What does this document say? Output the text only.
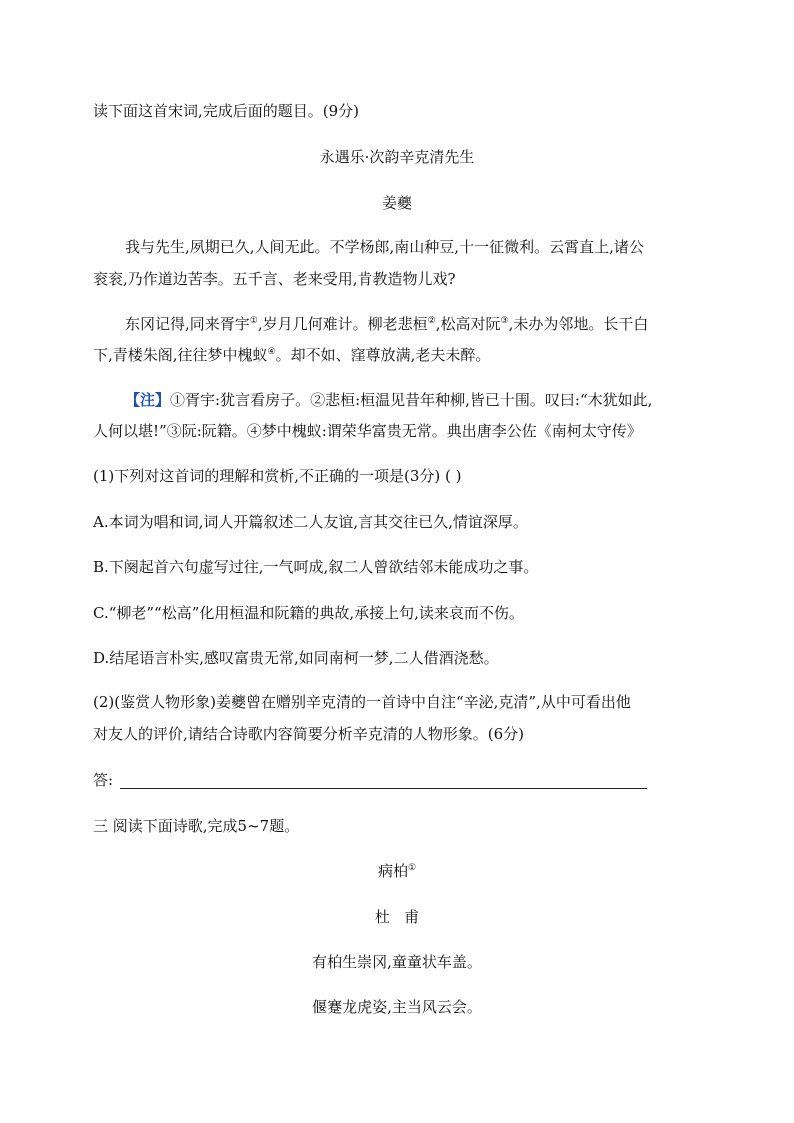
读下面这首宋词,完成后面的题目。(9分)
永遇乐·次韵辛克清先生
姜夔
我与先生,夙期已久,人间无此。不学杨郎,南山种豆,十一征微利。云霄直上,诸公
衮衮,乃作道边苦李。五千言、老来受用,肯教造物儿戏?
东冈记得,同来胥宇①,岁月几何难计。柳老悲桓②,松高对阮③,未办为邻地。长干白
下,青楼朱阁,往往梦中槐蚁④。却不如、窪尊放满,老夫未醉。
【注】①胥宇:犹言看房子。②悲桓:桓温见昔年种柳,皆已十围。叹曰:“木犹如此,
人何以堪!”③阮:阮籍。④梦中槐蚁:谓荣华富贵无常。典出唐李公佐《南柯太守传》
(1)下列对这首词的理解和赏析,不正确的一项是(3分) ( )
A.本词为唱和词,词人开篇叙述二人友谊,言其交往已久,情谊深厚。
B.下阕起首六句虚写过往,一气呵成,叙二人曾欲结邻未能成功之事。
C.“柳老”“松高”化用桓温和阮籍的典故,承接上句,读来哀而不伤。
D.结尾语言朴实,感叹富贵无常,如同南柯一梦,二人借酒浇愁。
(2)(鉴赏人物形象)姜夔曾在赠别辛克清的一首诗中自注“辛泌,克清”,从中可看出他
对友人的评价,请结合诗歌内容简要分析辛克清的人物形象。(6分)
答:
三 阅读下面诗歌,完成5~7题。
病柏①
杜   甫
有柏生崇冈,童童状车盖。
偃蹇龙虎姿,主当风云会。
